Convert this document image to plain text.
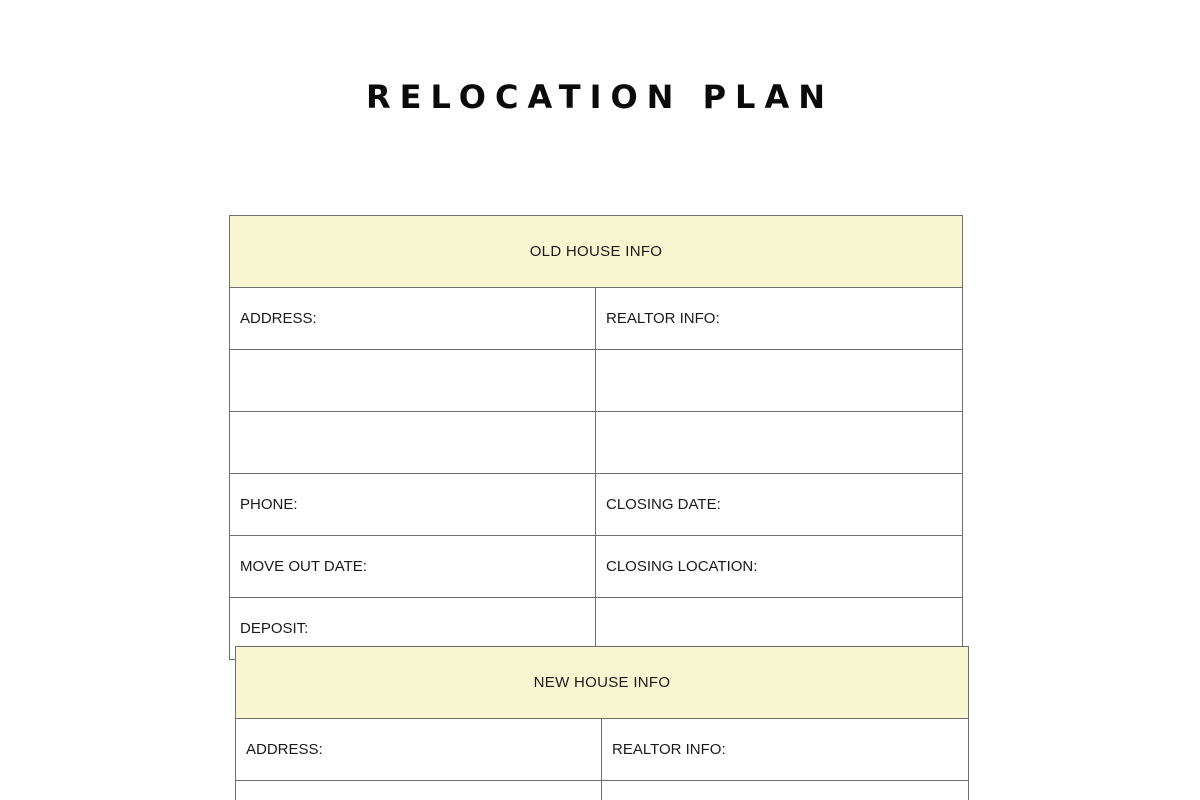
RELOCATION PLAN
OLD HOUSE INFO	
ADDRESS:	REALTOR INFO:

PHONE:	CLOSING DATE:
MOVE OUT DATE:	CLOSING LOCATION:
DEPOSIT:	
NEW HOUSE INFO	
ADDRESS:	REALTOR INFO:
